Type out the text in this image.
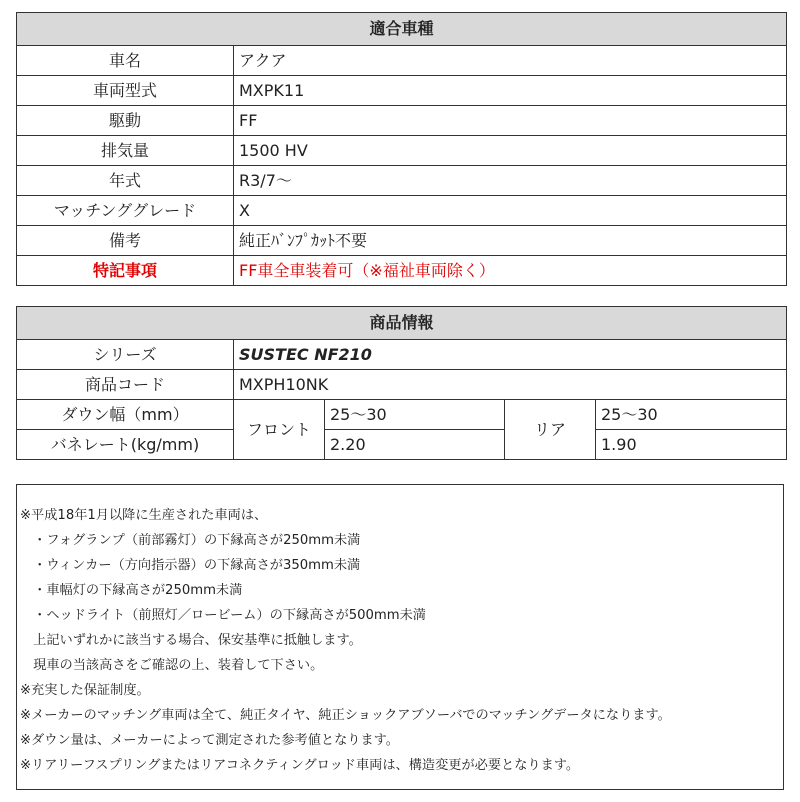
適合車種	
車名	アクア
車両型式	MXPK11
駆動	FF
排気量	1500 HV
年式	R3/7～
マッチンググレード	X
備考	純正ﾊﾞﾝﾌﾟｶｯﾄ不要
特記事項	FF車全車装着可（※福祉車両除く）
商品情報				
シリーズ	SUSTEC NF210			
商品コード	MXPH10NK			
ダウン幅（mm）	フロント	25～30	リア	25～30
バネレート(kg/mm)		2.20		1.90
※平成18年1月以降に生産された車両は、
　・フォグランプ（前部霧灯）の下縁高さが250mm未満
　・ウィンカー（方向指示器）の下縁高さが350mm未満
　・車幅灯の下縁高さが250mm未満
　・ヘッドライト（前照灯／ロービーム）の下縁高さが500mm未満
　上記いずれかに該当する場合、保安基準に抵触します。
　現車の当該高さをご確認の上、装着して下さい。
※充実した保証制度。
※メーカーのマッチング車両は全て、純正タイヤ、純正ショックアブソーバでのマッチングデータになります。
※ダウン量は、メーカーによって測定された参考値となります。
※リアリーフスプリングまたはリアコネクティングロッド車両は、構造変更が必要となります。
